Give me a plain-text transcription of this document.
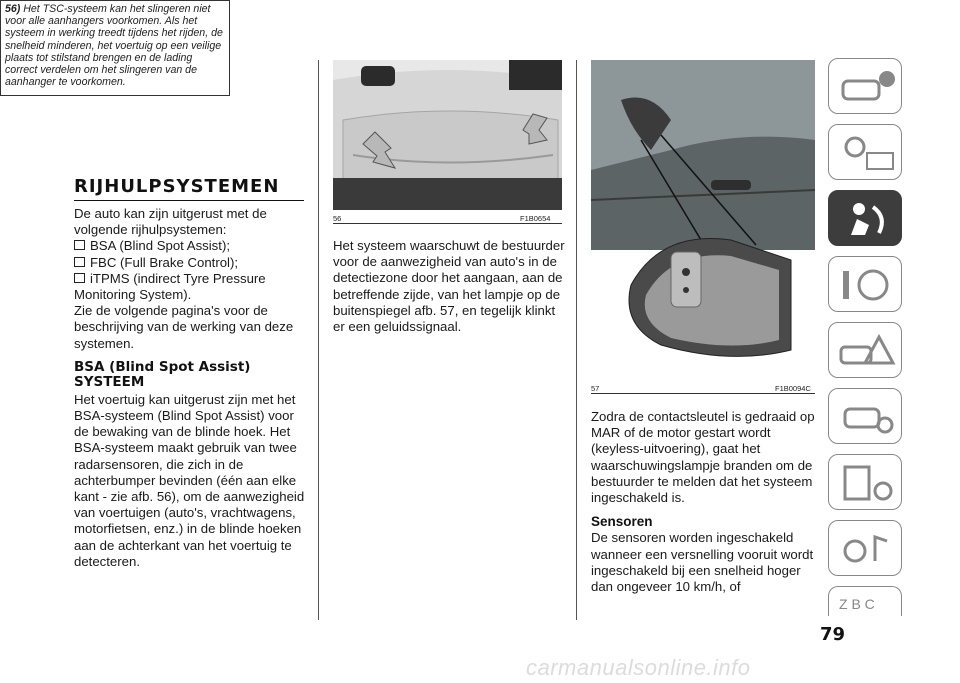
56) Het TSC-systeem kan het slingeren niet voor alle aanhangers voorkomen. Als het systeem in werking treedt tijdens het rijden, de snelheid minderen, het voertuig op een veilige plaats tot stilstand brengen en de lading correct verdelen om het slingeren van de aanhanger te voorkomen.
RIJHULPSYSTEMEN
De auto kan zijn uitgerust met de volgende rijhulpsystemen:
BSA (Blind Spot Assist);
FBC (Full Brake Control);
iTPMS (indirect Tyre Pressure Monitoring System).
Zie de volgende pagina's voor de beschrijving van de werking van deze systemen.
BSA (Blind Spot Assist) SYSTEEM
Het voertuig kan uitgerust zijn met het BSA-systeem (Blind Spot Assist) voor de bewaking van de blinde hoek. Het BSA-systeem maakt gebruik van twee radarsensoren, die zich in de achterbumper bevinden (één aan elke kant - zie afb. 56), om de aanwezigheid van voertuigen (auto's, vrachtwagens, motorfietsen, enz.) in de blinde hoeken aan de achterkant van het voertuig te detecteren.
56	F1B0654
Het systeem waarschuwt de bestuurder voor de aanwezigheid van auto's in de detectiezone door het aangaan, aan de betreffende zijde, van het lampje op de buitenspiegel afb. 57, en tegelijk klinkt er een geluidssignaal.
57	F1B0094C
Zodra de contactsleutel is gedraaid op MAR of de motor gestart wordt (keyless-uitvoering), gaat het waarschuwingslampje branden om de bestuurder te melden dat het systeem ingeschakeld is.
Sensoren
De sensoren worden ingeschakeld wanneer een versnelling vooruit wordt ingeschakeld bij een snelheid hoger dan ongeveer 10 km/h, of
Z B C
79
carmanualsonline.info
